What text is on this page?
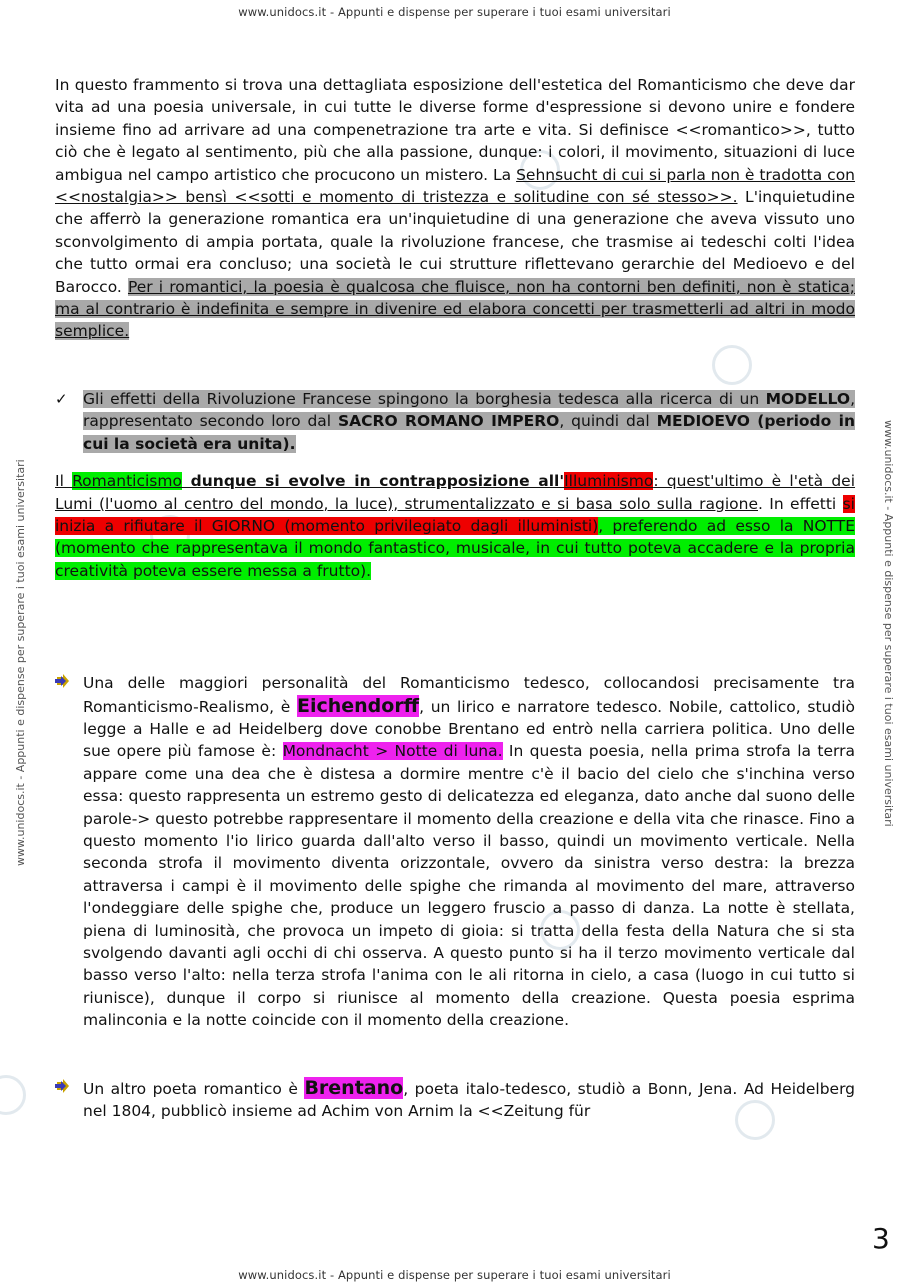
www.unidocs.it - Appunti e dispense per superare i tuoi esami universitari
www.unidocs.it - Appunti e dispense per superare i tuoi esami universitari
www.unidocs.it - Appunti e dispense per superare i tuoi esami universitari	www.unidocs.it - Appunti e dispense per superare i tuoi esami universitari

In questo frammento si trova una dettagliata esposizione dell'estetica del Romanticismo che deve dar vita ad una poesia universale, in cui tutte le diverse forme d'espressione si devono unire e fondere insieme fino ad arrivare ad una compenetrazione tra arte e vita. Si definisce <<romantico>>, tutto ciò che è legato al sentimento, più che alla passione, dunque: i colori, il movimento, situazioni di luce ambigua nel campo artistico che procucono un mistero. La Sehnsucht di cui si parla non è tradotta con <<nostalgia>> bensì <<sotti e momento di tristezza e solitudine con sé stesso>>. L'inquietudine che afferrò la generazione romantica era un'inquietudine di una generazione che aveva vissuto uno sconvolgimento di ampia portata, quale la rivoluzione francese, che trasmise ai tedeschi colti l'idea che tutto ormai era concluso; una società le cui strutture riflettevano gerarchie del Medioevo e del Barocco. Per i romantici, la poesia è qualcosa che fluisce, non ha contorni ben definiti, non è statica; ma al contrario è indefinita e sempre in divenire ed elabora concetti per trasmetterli ad altri in modo semplice.

✓ Gli effetti della Rivoluzione Francese spingono la borghesia tedesca alla ricerca di un MODELLO, rappresentato secondo loro dal SACRO ROMANO IMPERO, quindi dal MEDIOEVO (periodo in cui la società era unita).

Il Romanticismo dunque si evolve in contrapposizione all'Illuminismo: quest'ultimo è l'età dei Lumi (l'uomo al centro del mondo, la luce), strumentalizzato e si basa solo sulla ragione. In effetti si inizia a rifiutare il GIORNO (momento privilegiato dagli illuministi), preferendo ad esso la NOTTE (momento che rappresentava il mondo fantastico, musicale, in cui tutto poteva accadere e la propria creatività poteva essere messa a frutto).

Una delle maggiori personalità del Romanticismo tedesco, collocandosi precisamente tra Romanticismo-Realismo, è Eichendorff, un lirico e narratore tedesco. Nobile, cattolico, studiò legge a Halle e ad Heidelberg dove conobbe Brentano ed entrò nella carriera politica. Uno delle sue opere più famose è: Mondnacht > Notte di luna. In questa poesia, nella prima strofa la terra appare come una dea che è distesa a dormire mentre c'è il bacio del cielo che s'inchina verso essa: questo rappresenta un estremo gesto di delicatezza ed eleganza, dato anche dal suono delle parole-> questo potrebbe rappresentare il momento della creazione e della vita che rinasce. Fino a questo momento l'io lirico guarda dall'alto verso il basso, quindi un movimento verticale. Nella seconda strofa il movimento diventa orizzontale, ovvero da sinistra verso destra: la brezza attraversa i campi è il movimento delle spighe che rimanda al movimento del mare, attraverso l'ondeggiare delle spighe che, produce un leggero fruscio a passo di danza. La notte è stellata, piena di luminosità, che provoca un impeto di gioia: si tratta della festa della Natura che si sta svolgendo davanti agli occhi di chi osserva. A questo punto si ha il terzo movimento verticale dal basso verso l'alto: nella terza strofa l'anima con le ali ritorna in cielo, a casa (luogo in cui tutto si riunisce), dunque il corpo si riunisce al momento della creazione. Questa poesia esprima malinconia e la notte coincide con il momento della creazione.

Un altro poeta romantico è Brentano, poeta italo-tedesco, studiò a Bonn, Jena. Ad Heidelberg nel 1804, pubblicò insieme ad Achim von Arnim la <<Zeitung für

3
